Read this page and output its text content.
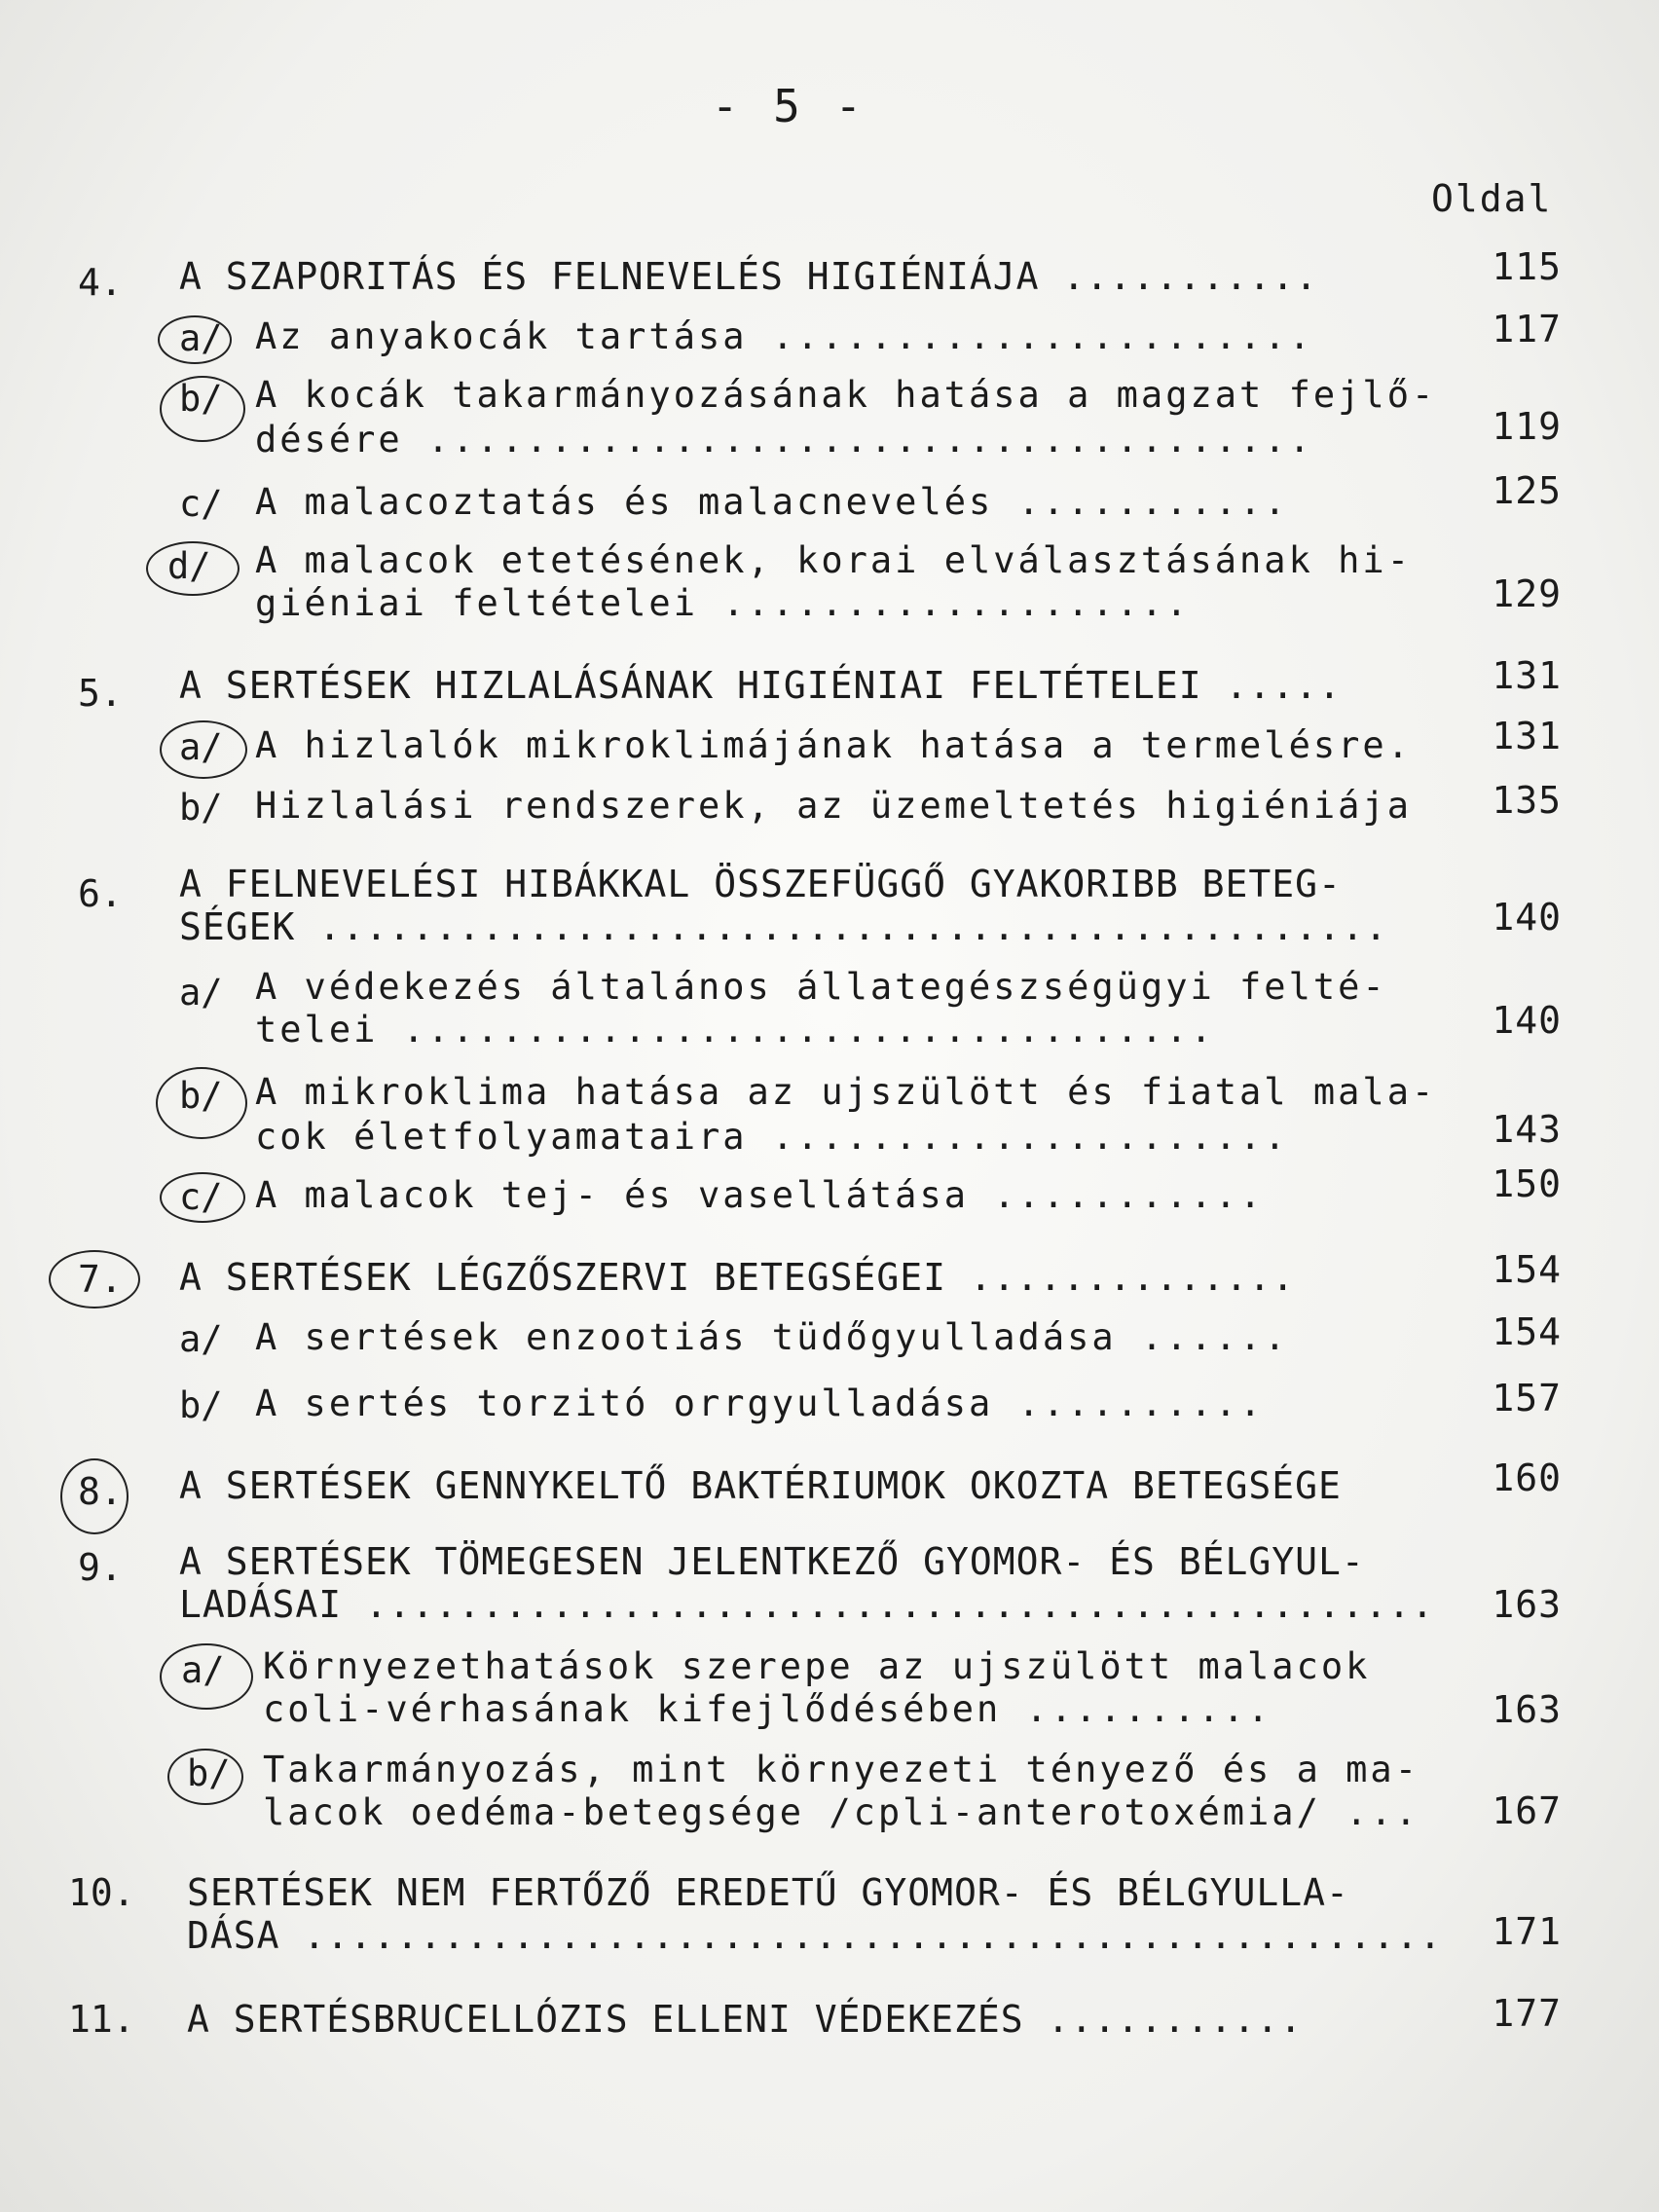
- 5 -
Oldal
4. A SZAPORITÁS ÉS FELNEVELÉS HIGIÉNIÁJA ...........	115
a/ Az anyakocák tartása ......................	117
b/ A kocák takarmányozásának hatása a magzat fejlő-
désére ....................................	119
c/ A malacoztatás és malacnevelés ...........	125
d/ A malacok etetésének, korai elválasztásának hi-
giéniai feltételei ...................	129
5. A SERTÉSEK HIZLALÁSÁNAK HIGIÉNIAI FELTÉTELEI .....	131
a/ A hizlalók mikroklimájának hatása a termelésre. 131
b/ Hizlalási rendszerek, az üzemeltetés higiéniája 135
6. A FELNEVELÉSI HIBÁKKAL ÖSSZEFÜGGŐ GYAKORIBB BETEG-
SÉGEK ..............................................	140
a/ A védekezés általános állategészségügyi felté-
telei .................................	140
b/ A mikroklima hatása az ujszülött és fiatal mala-
cok életfolyamataira .....................	143
c/ A malacok tej- és vasellátása ...........	150
7. A SERTÉSEK LÉGZŐSZERVI BETEGSÉGEI ..............	154
a/ A sertések enzootiás tüdőgyulladása ......	154
b/ A sertés torzitó orrgyulladása ..........	157
8. A SERTÉSEK GENNYKELTŐ BAKTÉRIUMOK OKOZTA BETEGSÉGE	160
9. A SERTÉSEK TÖMEGESEN JELENTKEZŐ GYOMOR- ÉS BÉLGYUL-
LADÁSAI .............................................. 163
a/ Környezethatások szerepe az ujszülött malacok
coli-vérhasának kifejlődésében ..........	163
b/ Takarmányozás, mint környezeti tényező és a ma-
lacok oedéma-betegsége /cpli-anterotoxémia/ ... 167
10. SERTÉSEK NEM FERTŐZŐ EREDETŰ GYOMOR- ÉS BÉLGYULLA-
DÁSA ................................................. 171
11. A SERTÉSBRUCELLÓZIS ELLENI VÉDEKEZÉS ...........	177
